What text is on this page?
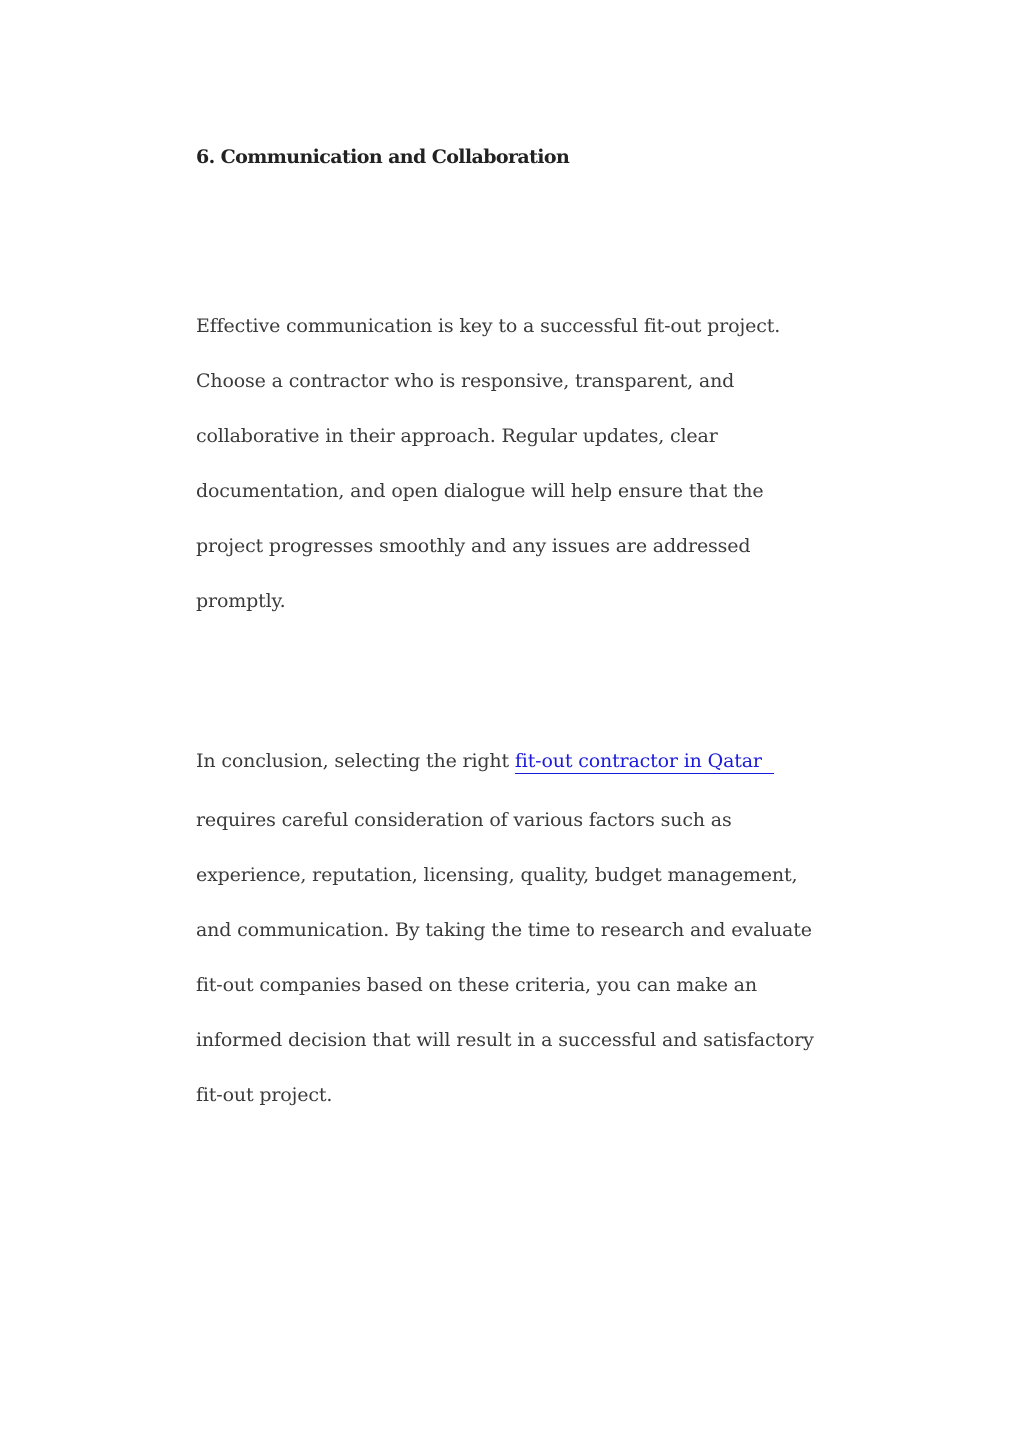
6. Communication and Collaboration
Effective communication is key to a successful fit-out project.
Choose a contractor who is responsive, transparent, and
collaborative in their approach. Regular updates, clear
documentation, and open dialogue will help ensure that the
project progresses smoothly and any issues are addressed
promptly.
In conclusion, selecting the right fit-out contractor in Qatar
requires careful consideration of various factors such as
experience, reputation, licensing, quality, budget management,
and communication. By taking the time to research and evaluate
fit-out companies based on these criteria, you can make an
informed decision that will result in a successful and satisfactory
fit-out project.
